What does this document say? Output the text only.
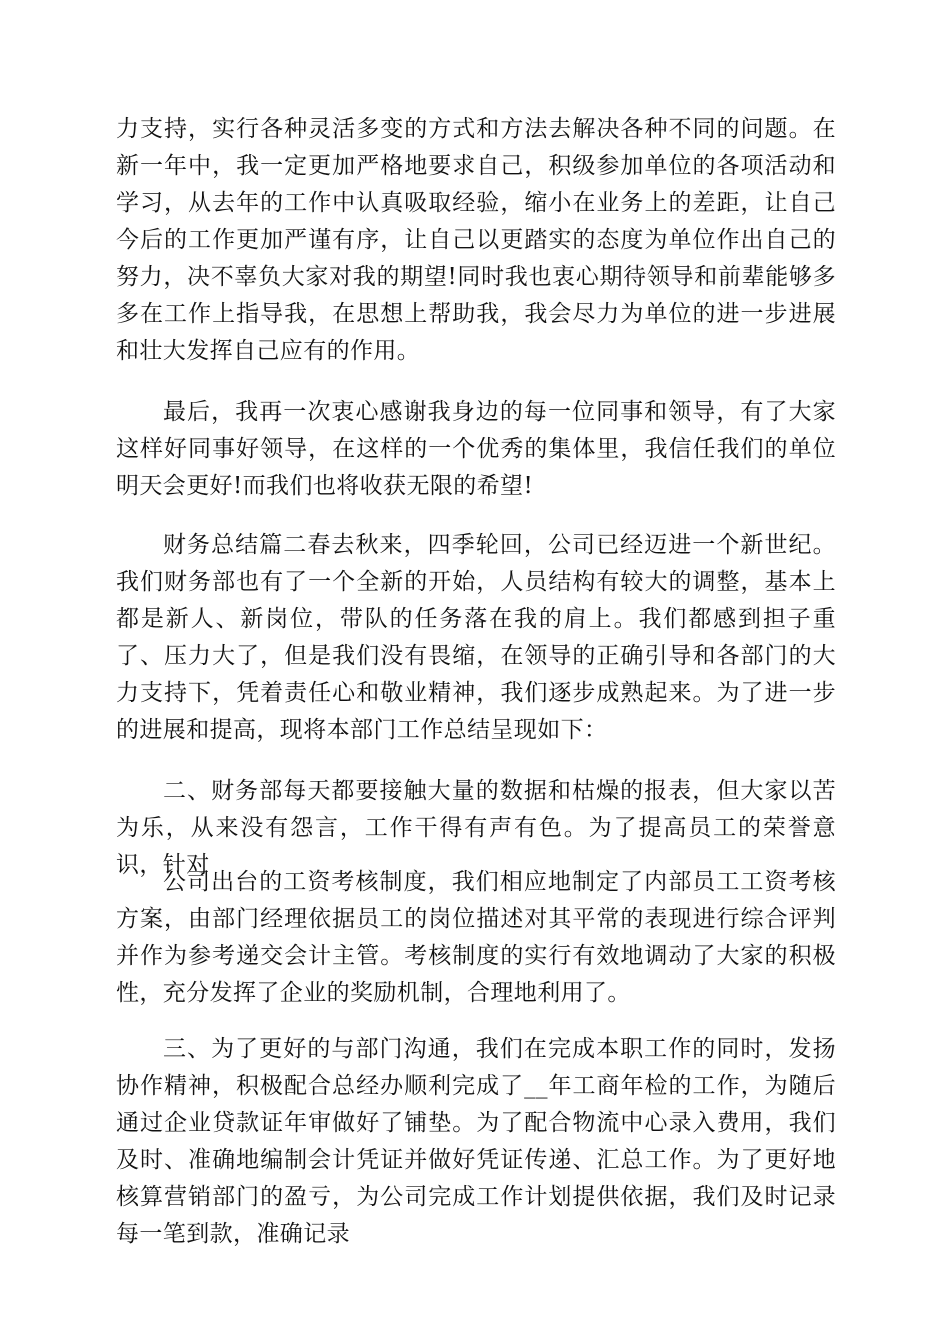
力支持，实行各种灵活多变的方式和方法去解决各种不同的问题。在新一年中，我一定更加严格地要求自己，积级参加单位的各项活动和学习，从去年的工作中认真吸取经验，缩小在业务上的差距，让自己今后的工作更加严谨有序，让自己以更踏实的态度为单位作出自己的努力，决不辜负大家对我的期望!同时我也衷心期待领导和前辈能够多多在工作上指导我，在思想上帮助我，我会尽力为单位的进一步进展和壮大发挥自己应有的作用。

最后，我再一次衷心感谢我身边的每一位同事和领导，有了大家这样好同事好领导，在这样的一个优秀的集体里，我信任我们的单位明天会更好!而我们也将收获无限的希望!

财务总结篇二春去秋来，四季轮回，公司已经迈进一个新世纪。我们财务部也有了一个全新的开始，人员结构有较大的调整，基本上都是新人、新岗位，带队的任务落在我的肩上。我们都感到担子重了、压力大了，但是我们没有畏缩，在领导的正确引导和各部门的大力支持下，凭着责任心和敬业精神，我们逐步成熟起来。为了进一步的进展和提高，现将本部门工作总结呈现如下：

二、财务部每天都要接触大量的数据和枯燥的报表，但大家以苦为乐，从来没有怨言，工作干得有声有色。为了提高员工的荣誉意识，针对

公司出台的工资考核制度，我们相应地制定了内部员工工资考核方案，由部门经理依据员工的岗位描述对其平常的表现进行综合评判并作为参考递交会计主管。考核制度的实行有效地调动了大家的积极性，充分发挥了企业的奖励机制，合理地利用了。

三、为了更好的与部门沟通，我们在完成本职工作的同时，发扬协作精神，积极配合总经办顺利完成了__年工商年检的工作，为随后通过企业贷款证年审做好了铺垫。为了配合物流中心录入费用，我们及时、准确地编制会计凭证并做好凭证传递、汇总工作。为了更好地核算营销部门的盈亏，为公司完成工作计划提供依据，我们及时记录每一笔到款，准确记录
